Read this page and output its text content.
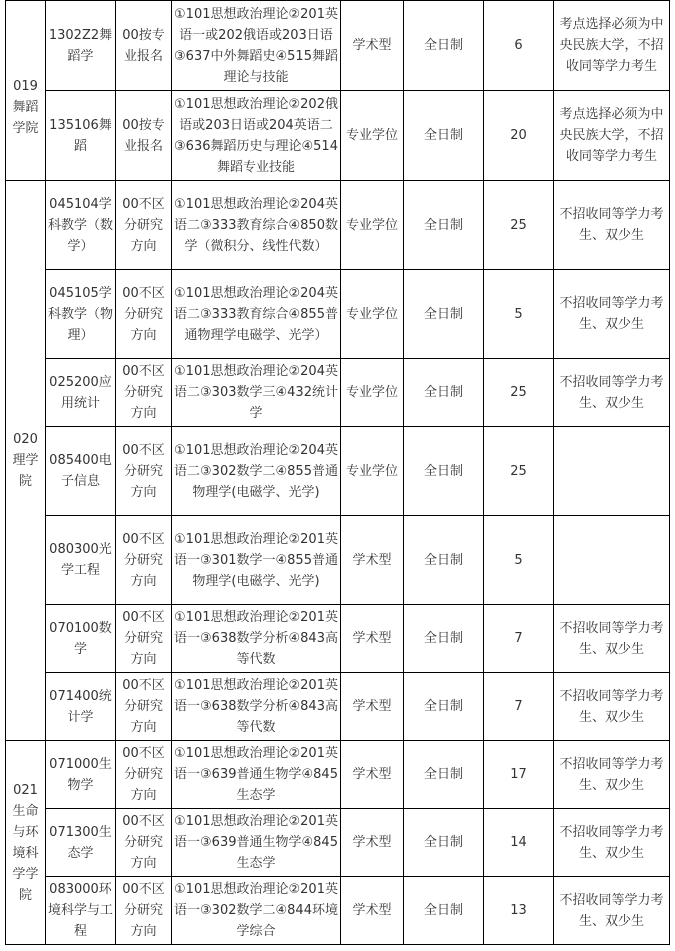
019舞蹈学院	1302Z2舞蹈学	00按专业报名	①101思想政治理论②201英语一或202俄语或203日语③637中外舞蹈史④515舞蹈理论与技能	学术型	全日制	6	考点选择必须为中央民族大学，不招收同等学力考生
	135106舞蹈	00按专业报名	①101思想政治理论②202俄语或203日语或204英语二③636舞蹈历史与理论④514舞蹈专业技能	专业学位	全日制	20	考点选择必须为中央民族大学，不招收同等学力考生
020理学院	045104学科教学（数学）	00不区分研究方向	①101思想政治理论②204英语二③333教育综合④850数学（微积分、线性代数）	专业学位	全日制	25	不招收同等学力考生、双少生
	045105学科教学（物理）	00不区分研究方向	①101思想政治理论②204英语二③333教育综合④855普通物理学电磁学、光学）	专业学位	全日制	5	不招收同等学力考生、双少生
	025200应用统计	00不区分研究方向	①101思想政治理论②204英语二③303数学三④432统计学	专业学位	全日制	25	不招收同等学力考生、双少生
	085400电子信息	00不区分研究方向	①101思想政治理论②204英语二③302数学二④855普通物理学(电磁学、光学)	专业学位	全日制	25	
	080300光学工程	00不区分研究方向	①101思想政治理论②201英语一③301数学一④855普通物理学(电磁学、光学)	学术型	全日制	5	
	070100数学	00不区分研究方向	①101思想政治理论②201英语一③638数学分析④843高等代数	学术型	全日制	7	不招收同等学力考生、双少生
	071400统计学	00不区分研究方向	①101思想政治理论②201英语一③638数学分析④843高等代数	学术型	全日制	7	不招收同等学力考生、双少生
021生命与环境科学学院	071000生物学	00不区分研究方向	①101思想政治理论②201英语一③639普通生物学④845生态学	学术型	全日制	17	不招收同等学力考生、双少生
	071300生态学	00不区分研究方向	①101思想政治理论②201英语一③639普通生物学④845生态学	学术型	全日制	14	不招收同等学力考生、双少生
	083000环境科学与工程	00不区分研究方向	①101思想政治理论②201英语一③302数学二④844环境学综合	学术型	全日制	13	不招收同等学力考生、双少生
